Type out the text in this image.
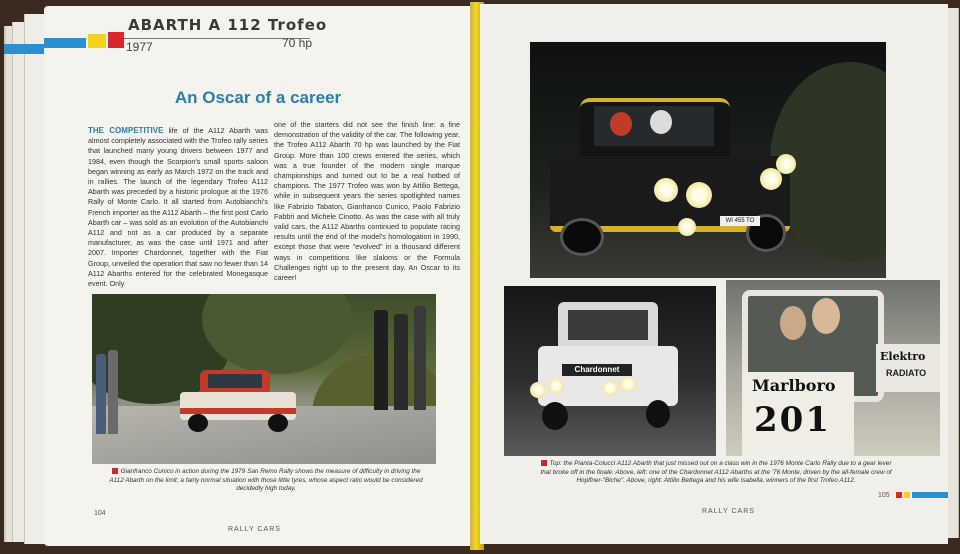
ABARTH A 112 Trofeo
1977	70 hp
An Oscar of a career
THE COMPETITIVE life of the A112 Abarth was almost completely associated with the Trofeo rally series that launched many young drivers between 1977 and 1984, even though the Scorpion's small sports saloon began winning as early as March 1972 on the track and in rallies. The launch of the legendary Trofeo A112 Abarth was preceded by a historic prologue at the 1976 Rally of Monte Carlo. It all started from Autobianchi's French importer as the A112 Abarth – the first post Carlo Abarth car – was sold as an evolution of the Autobianchi A112 and not as a car produced by a separate manufacturer, as was the case until 1971 and after 2007. Importer Chardonnet, together with the Fiat Group, unveiled the operation that saw no fewer than 14 A112 Abarths entered for the celebrated Monegasque event. Only
one of the starters did not see the finish line: a fine demonstration of the validity of the car. The following year, the Trofeo A112 Abarth 70 hp was launched by the Fiat Group. More than 100 crews entered the series, which was a true founder of the modern single marque championships and turned out to be a real hotbed of champions. The 1977 Trofeo was won by Attilio Bettega, while in subsequent years the series spotlighted names like Fabrizio Tabaton, Gianfranco Cunico, Paolo Fabrizio Fabbri and Michele Cinotto. As was the case with all truly valid cars, the A112 Abarths continued to populate racing results until the end of the model's homologation in 1990, except those that were "evolved" in a thousand different ways in competitions like slaloms or the Formula Challenges right up to the present day. An Oscar to its career!
Gianfranco Cunico in action during the 1979 San Remo Rally shows the measure of difficulty in driving the A112 Abarth on the limit; a fairly normal situation with those little tyres, whose aspect ratio would be considered decidedly high today.
104
RALLY CARS
WI 455 TO
Chardonnet
Marlboro
201
Elektro
RADIATO
Top: the Pianta-Colucci A112 Abarth that just missed out on a class win in the 1976 Monte Carlo Rally due to a gear lever that broke off in the finale. Above, left: one of the Chardonnet A112 Abarths at the '76 Monte, driven by the all-female crew of Hoplfner-"Biche". Above, right: Attilio Bettega and his wife Isabella, winners of the first Trofeo A112.
RALLY CARS
105
